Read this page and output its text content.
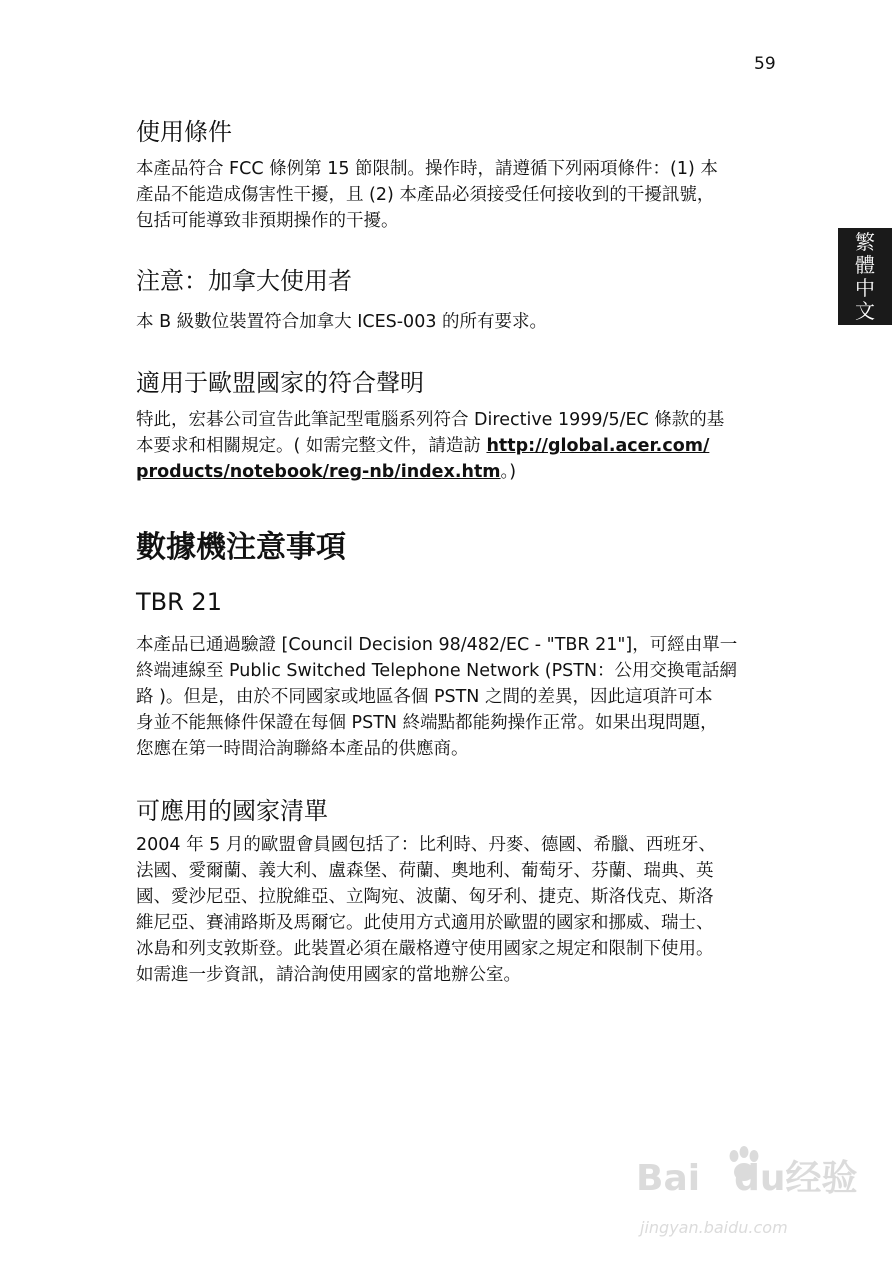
59
繁
體
中
文
使用條件

本產品符合 FCC 條例第 15 節限制。操作時，請遵循下列兩項條件：(1) 本
產品不能造成傷害性干擾，且 (2) 本產品必須接受任何接收到的干擾訊號，
包括可能導致非預期操作的干擾。

注意：加拿大使用者

本 B 級數位裝置符合加拿大 ICES-003 的所有要求。

適用于歐盟國家的符合聲明

特此，宏碁公司宣告此筆記型電腦系列符合 Directive 1999/5/EC 條款的基
本要求和相關規定。( 如需完整文件，請造訪 http://global.acer.com/
products/notebook/reg-nb/index.htm。)

數據機注意事項
TBR 21

本產品已通過驗證 [Council Decision 98/482/EC - "TBR 21"]，可經由單一
終端連線至 Public Switched Telephone Network (PSTN：公用交換電話網
路 )。但是，由於不同國家或地區各個 PSTN 之間的差異，因此這項許可本
身並不能無條件保證在每個 PSTN 終端點都能夠操作正常。如果出現問題，
您應在第一時間洽詢聯絡本產品的供應商。

可應用的國家清單

2004 年 5 月的歐盟會員國包括了：比利時、丹麥、德國、希臘、西班牙、
法國、愛爾蘭、義大利、盧森堡、荷蘭、奧地利、葡萄牙、芬蘭、瑞典、英
國、愛沙尼亞、拉脫維亞、立陶宛、波蘭、匈牙利、捷克、斯洛伐克、斯洛
維尼亞、賽浦路斯及馬爾它。此使用方式適用於歐盟的國家和挪威、瑞士、
冰島和列支敦斯登。此裝置必須在嚴格遵守使用國家之規定和限制下使用。
如需進一步資訊，請洽詢使用國家的當地辦公室。

Bai du经验
jingyan.baidu.com
